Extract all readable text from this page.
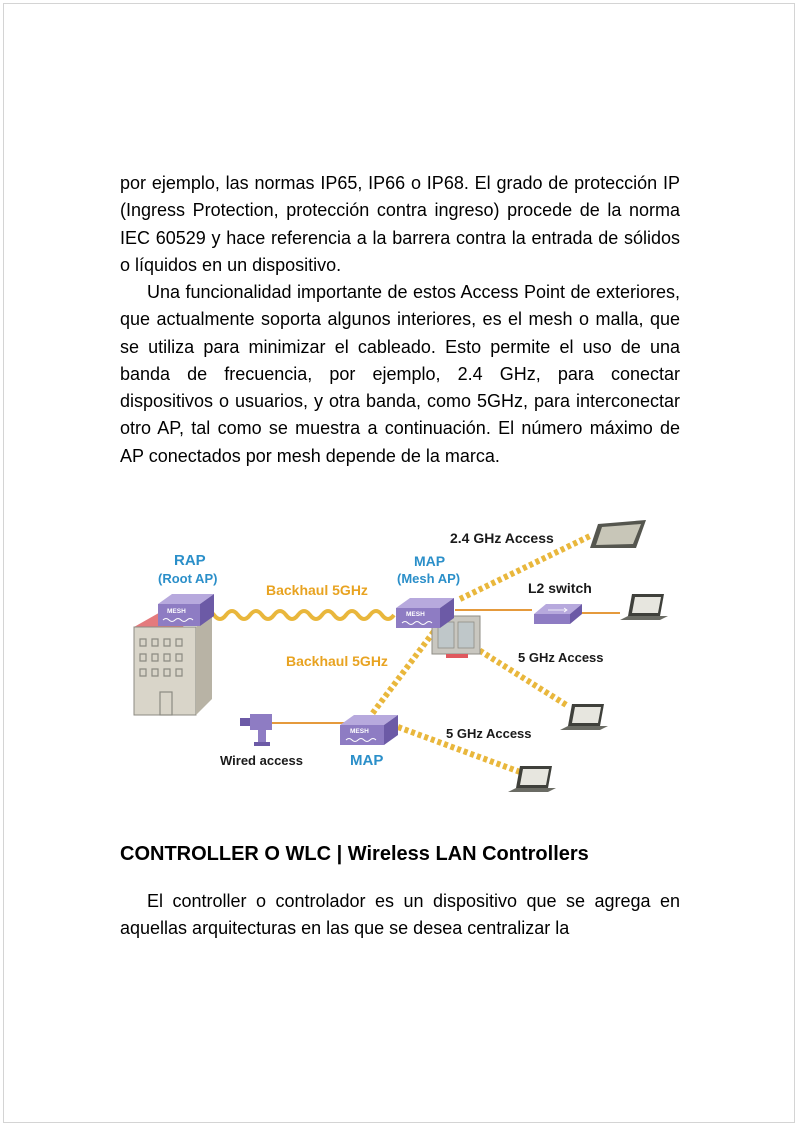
por ejemplo, las normas IP65, IP66 o IP68. El grado de protección IP (Ingress Protection, protección contra ingreso) procede de la norma IEC 60529 y hace referencia a la barrera contra la entrada de sólidos o líquidos en un dispositivo.

Una funcionalidad importante de estos Access Point de exteriores, que actualmente soporta algunos interiores, es el mesh o malla, que se utiliza para minimizar el cableado. Esto permite el uso de una banda de frecuencia, por ejemplo, 2.4 GHz, para conectar dispositivos o usuarios, y otra banda, como 5GHz, para interconectar otro AP, tal como se muestra a continuación. El número máximo de AP conectados por mesh depende de la marca.

MESH	MESH
MESH
RAP
(Root AP)
MAP
(Mesh AP)
Backhaul 5GHz
Backhaul 5GHz
2.4 GHz Access
L2 switch
5 GHz Access
5 GHz Access
Wired access	MAP
CONTROLLER O WLC | Wireless LAN Controllers

El controller o controlador es un dispositivo que se agrega en aquellas arquitecturas en las que se desea centralizar la
